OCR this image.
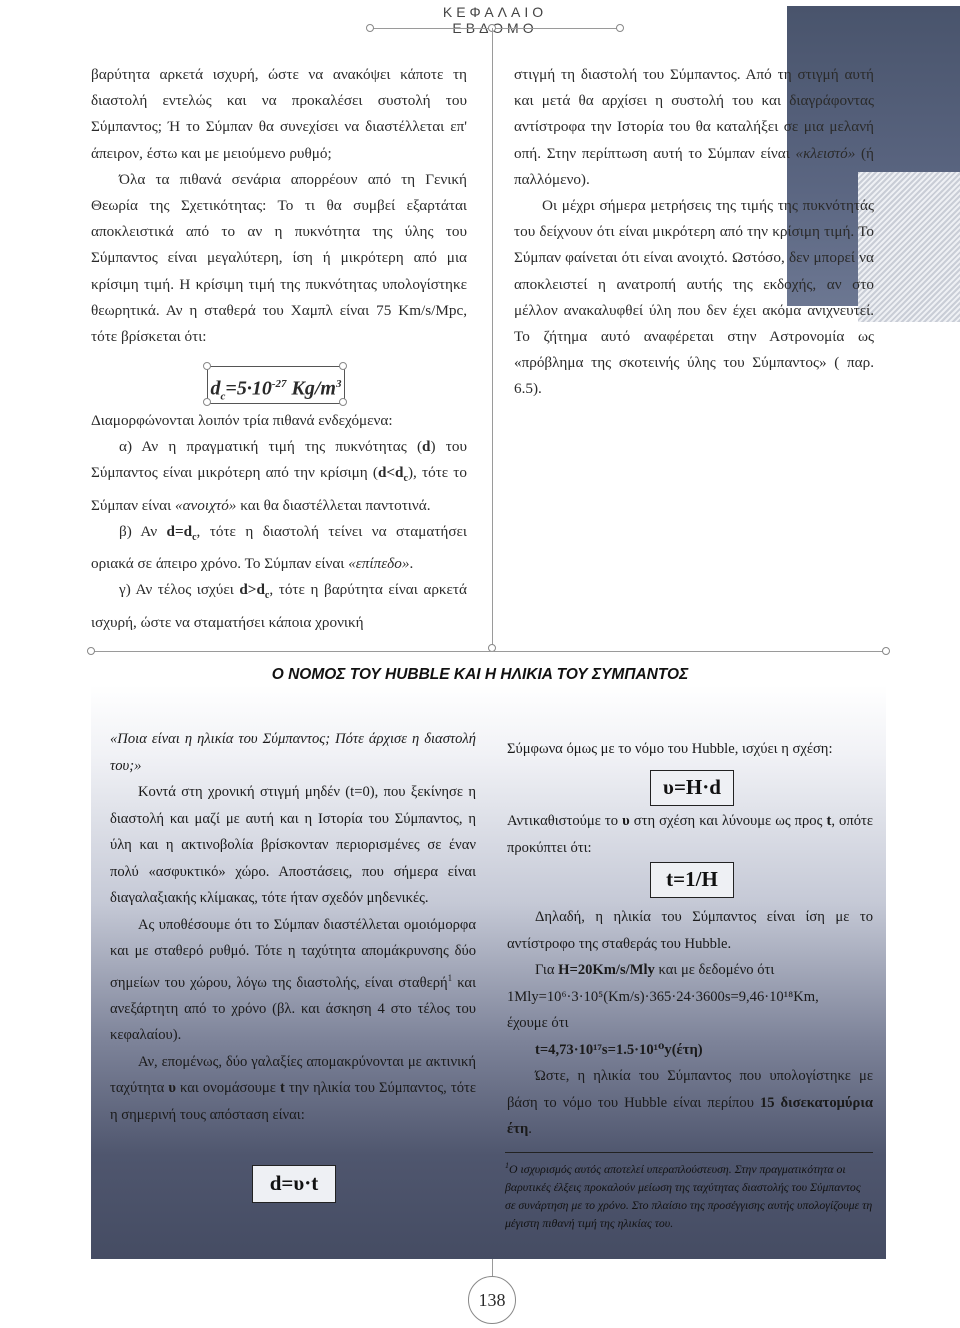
ΚΕΦΑΛΑΙΟ

βαρύτητα αρκετά ισχυρή, ώστε να ανακόψει κάποτε τη διαστολή εντελώς και να προκαλέσει συστολή του Σύμπαντος; Ή το Σύμπαν θα συνεχίσει να διαστέλλεται επ' άπειρον, έστω και με μειούμενο ρυθμό;

Όλα τα πιθανά σενάρια απορρέουν από τη Γενική Θεωρία της Σχετικότητας: Το τι θα συμβεί εξαρτάται αποκλειστικά από το αν η πυκνότητα της ύλης του Σύμπαντος είναι μεγαλύτερη, ίση ή μικρότερη από μια κρίσιμη τιμή. Η κρίσιμη τιμή της πυκνότητας υπολογίστηκε θεωρητικά. Αν η σταθερά του Χαμπλ είναι 75 Km/s/Mpc, τότε βρίσκεται ότι:

$d_c=5\cdot 10^{-27}$ $Kg/m^3$

Διαμορφώνονται λοιπόν τρία πιθανά ενδεχόμενα:

α) Αν η πραγματική τιμή της πυκνότητας (d) του Σύμπαντος είναι μικρότερη από την κρίσιμη $(d<d_c)$, τότε το Σύμπαν είναι «ανοιχτό» και θα διαστέλλεται παντοτινά.

β) Αν $d=d_c$, τότε η διαστολή τείνει να σταματήσει οριακά σε άπειρο χρόνο. Το Σύμπαν είναι «επίπεδο».

γ) Αν τέλος ισχύει $d>d_c$, τότε η βαρύτητα είναι αρκετά ισχυρή, ώστε να σταματήσει κάποια χρονική

στιγμή τη διαστολή του Σύμπαντος. Από τη στιγμή αυτή και μετά θα αρχίσει η συστολή του και διαγράφοντας αντίστροφα την Ιστορία του θα καταλήξει σε μια μελανή οπή. Στην περίπτωση αυτή το Σύμπαν είναι «κλειστό» (ή παλλόμενο).

Οι μέχρι σήμερα μετρήσεις της τιμής της πυκνότητάς του δείχνουν ότι είναι μικρότερη από την κρίσιμη τιμή. Το Σύμπαν φαίνεται ότι είναι ανοιχτό. Ωστόσο, δεν μπορεί να αποκλειστεί η ανατροπή αυτής της εκδοχής, αν στο μέλλον ανακαλυφθεί ύλη που δεν έχει ακόμα ανιχνευτεί. Το ζήτημα αυτό αναφέρεται στην Αστρονομία ως «πρόβλημα της σκοτεινής ύλης του Σύμπαντος» ( παρ. 6.5).

Ο ΝΟΜΟΣ ΤΟΥ HUBBLE ΚΑΙ Η ΗΛΙΚΙΑ ΤΟΥ ΣΥΜΠΑΝΤΟΣ

«Ποια είναι η ηλικία του Σύμπαντος; Πότε άρχισε η διαστολή του;»

Κοντά στη χρονική στιγμή μηδέν (t=0), που ξεκίνησε η διαστολή και μαζί με αυτή και η Ιστορία του Σύμπαντος, η ύλη και η ακτινοβολία βρίσκονταν περιορισμένες σε έναν πολύ «ασφυκτικό» χώρο. Αποστάσεις, που σήμερα είναι διαγαλαξιακής κλίμακας, τότε ήταν σχεδόν μηδενικές.

Ας υποθέσουμε ότι το Σύμπαν διαστέλλεται ομοιόμορφα και με σταθερό ρυθμό. Τότε η ταχύτητα απομάκρυνσης δύο σημείων του χώρου, λόγω της διαστολής, είναι σταθερή$^1$ και ανεξάρτητη από το χρόνο (βλ. και άσκηση 4 στο τέλος του κεφαλαίου).

Αν, επομένως, δύο γαλαξίες απομακρύνονται με ακτινική ταχύτητα υ και ονομάσουμε t την ηλικία του Σύμπαντος, τότε η σημερινή τους απόσταση είναι:

d=υ·t

Σύμφωνα όμως με το νόμο του Hubble, ισχύει η σχέση:

υ=H·d

Αντικαθιστούμε το υ στη σχέση και λύνουμε ως προς t, οπότε προκύπτει ότι:

t=1/H

Δηλαδή, η ηλικία του Σύμπαντος είναι ίση με το αντίστροφο της σταθεράς του Hubble.

Για H=20Km/s/Mly και με δεδομένο ότι

1Mly=10⁶·3·10⁵(Km/s)·365·24·3600s=9,46·10¹⁸Km,

έχουμε ότι

t=4,73·10¹⁷s=1.5·10¹⁰y(έτη)

Ώστε, η ηλικία του Σύμπαντος που υπολογίστηκε με βάση το νόμο του Hubble είναι περίπου 15 δισεκατομύρια έτη.

$^1$Ο ισχυρισμός αυτός αποτελεί υπεραπλούστευση. Στην πραγματικότητα οι βαρυτικές έλξεις προκαλούν μείωση της ταχύτητας διαστολής του Σύμπαντος σε συνάρτηση με το χρόνο. Στο πλαίσιο της προσέγγισης αυτής υπολογίζουμε τη μέγιστη πιθανή τιμή της ηλικίας του.
138
